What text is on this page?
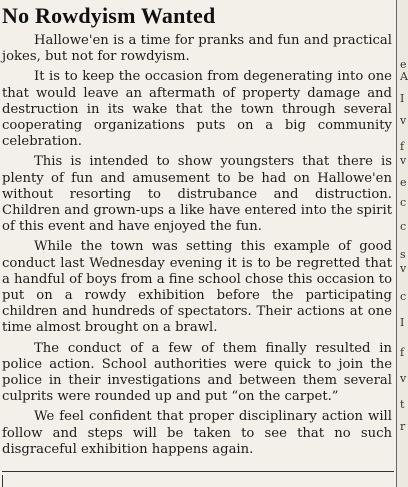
No Rowdyism Wanted

Hallowe'en is a time for pranks and fun and practical jokes, but not for rowdyism.

It is to keep the occasion from degenerating into one that would leave an aftermath of property damage and destruction in its wake that the town through several cooperating organizations puts on a big community celebration.

This is intended to show youngsters that there is plenty of fun and amusement to be had on Hallowe'en without resorting to distrubance and distruction. Children and grown-ups a like have entered into the spirit of this event and have enjoyed the fun.

While the town was setting this example of good conduct last Wednesday evening it is to be regretted that a handful of boys from a fine school chose this occasion to put on a rowdy exhibition before the participating children and hundreds of spectators. Their actions at one time almost brought on a brawl.

The conduct of a few of them finally resulted in police action. School authorities were quick to join the police in their investigations and between them several culprits were rounded up and put “on the carpet.”

We feel confident that proper disciplinary action will follow and steps will be taken to see that no such disgraceful exhibition happens again.

e
A
I
v
f
v
e
c
c
s
v
c
I
f
v
t
r
